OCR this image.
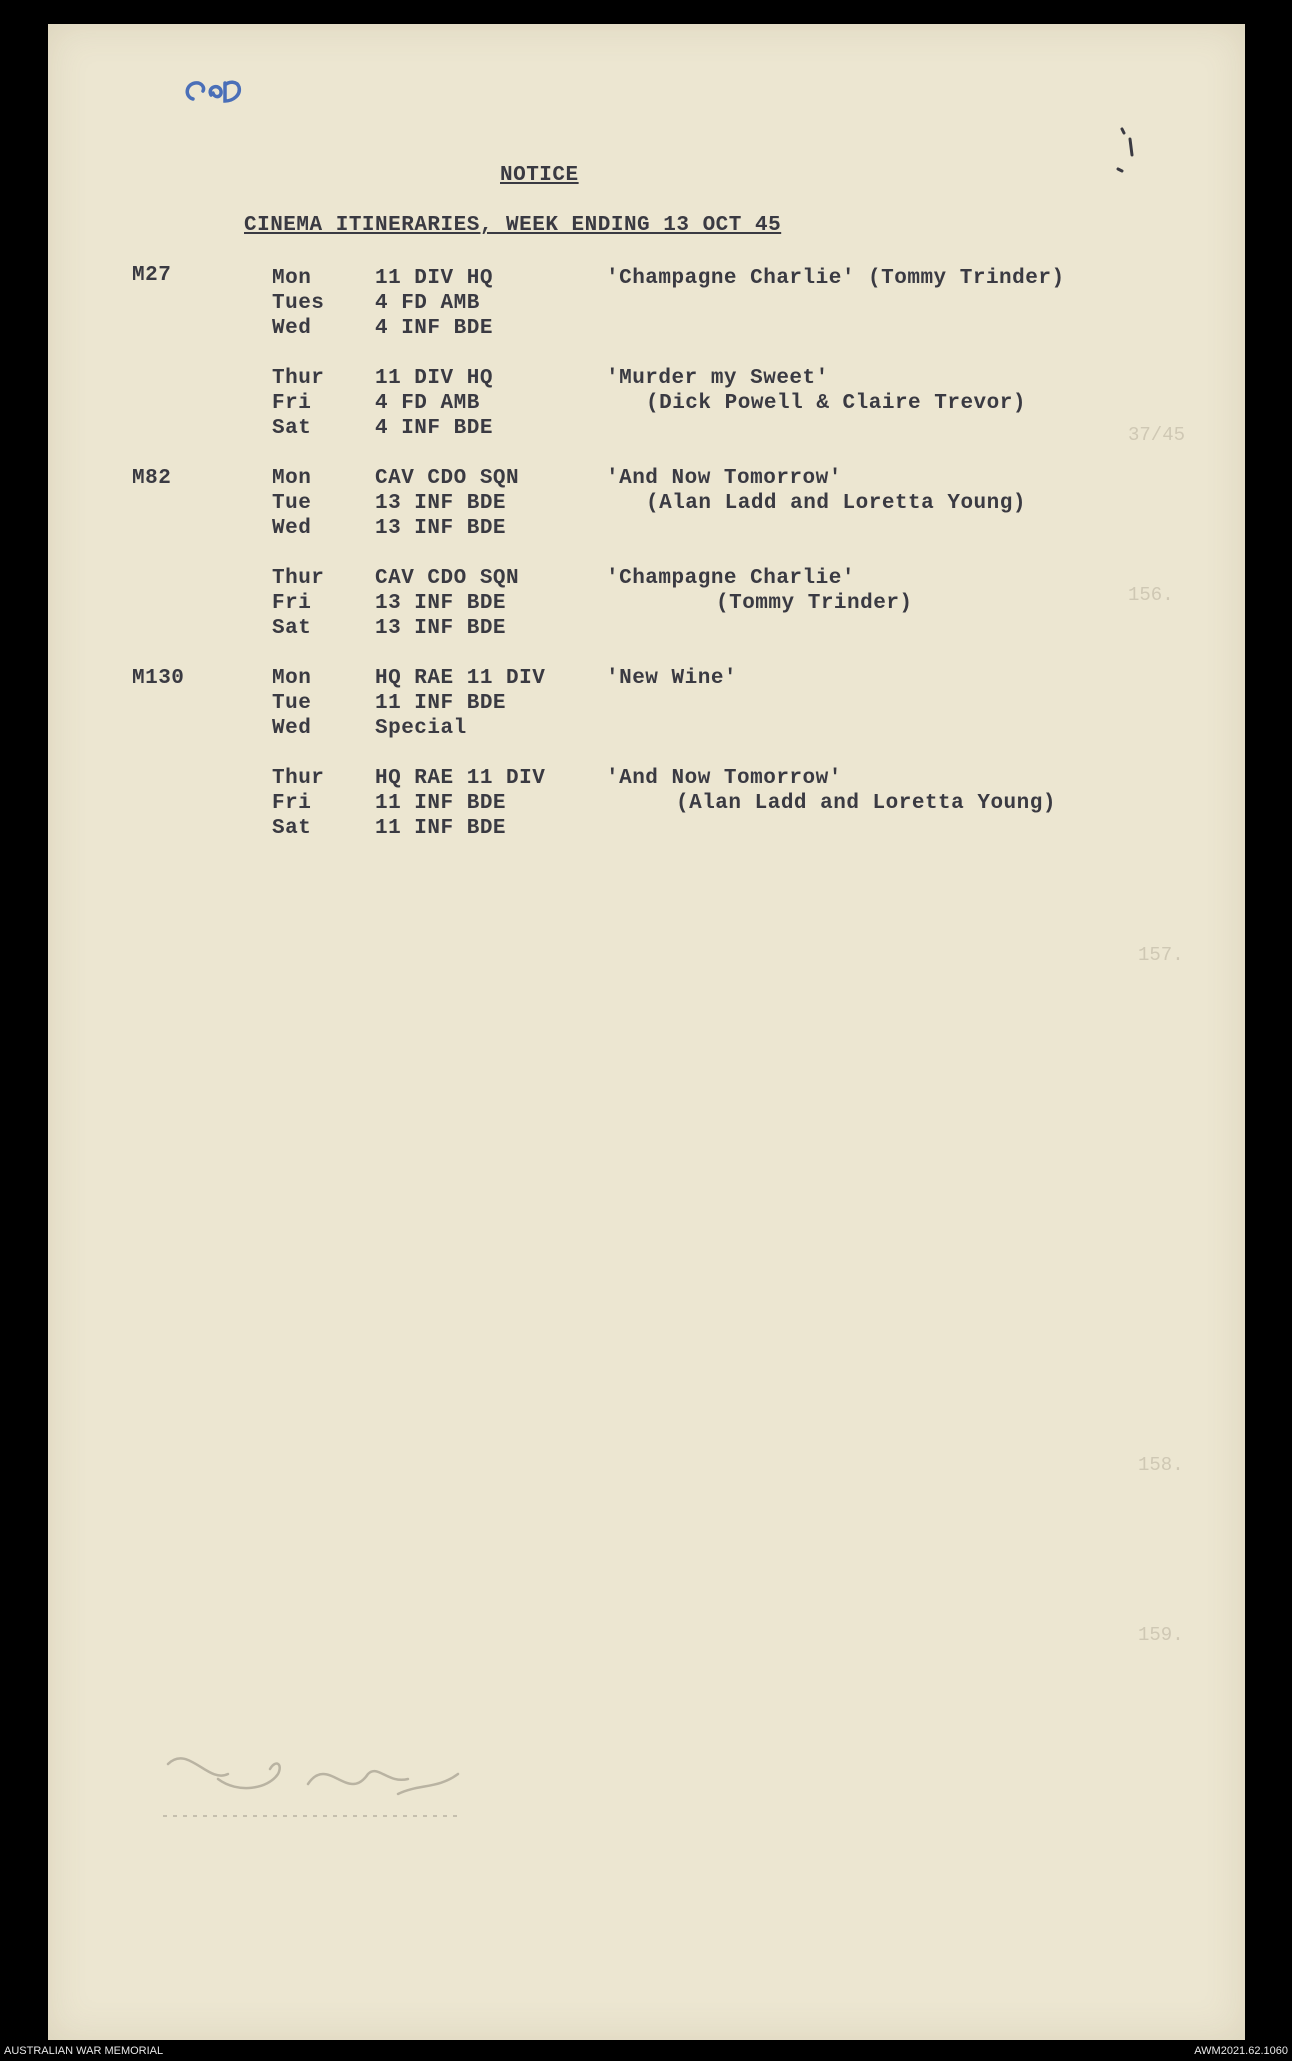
37/45
156.
157.
158.
159.
NOTICE
CINEMA ITINERARIES, WEEK ENDING 13 OCT 45
M27	Mon	11 DIV HQ	'Champagne Charlie' (Tommy Trinder)
Tues 4 FD AMB
Wed	4 INF BDE
Thur 11 DIV HQ	'Murder my Sweet'
Fri	4 FD AMB	(Dick Powell & Claire Trevor)
Sat	4 INF BDE
M82	Mon	CAV CDO SQN	'And Now Tomorrow'
Tue	13 INF BDE	(Alan Ladd and Loretta Young)
Wed	13 INF BDE
Thur CAV CDO SQN	'Champagne Charlie'
Fri	13 INF BDE	(Tommy Trinder)
Sat	13 INF BDE
M130	Mon	HQ RAE 11 DIV	'New Wine'
Tue	11 INF BDE
Wed	Special
Thur HQ RAE 11 DIV	'And Now Tomorrow'
Fri	11 INF BDE	(Alan Ladd and Loretta Young)
Sat	11 INF BDE
AUSTRALIAN WAR MEMORIAL	AWM2021.62.1060
